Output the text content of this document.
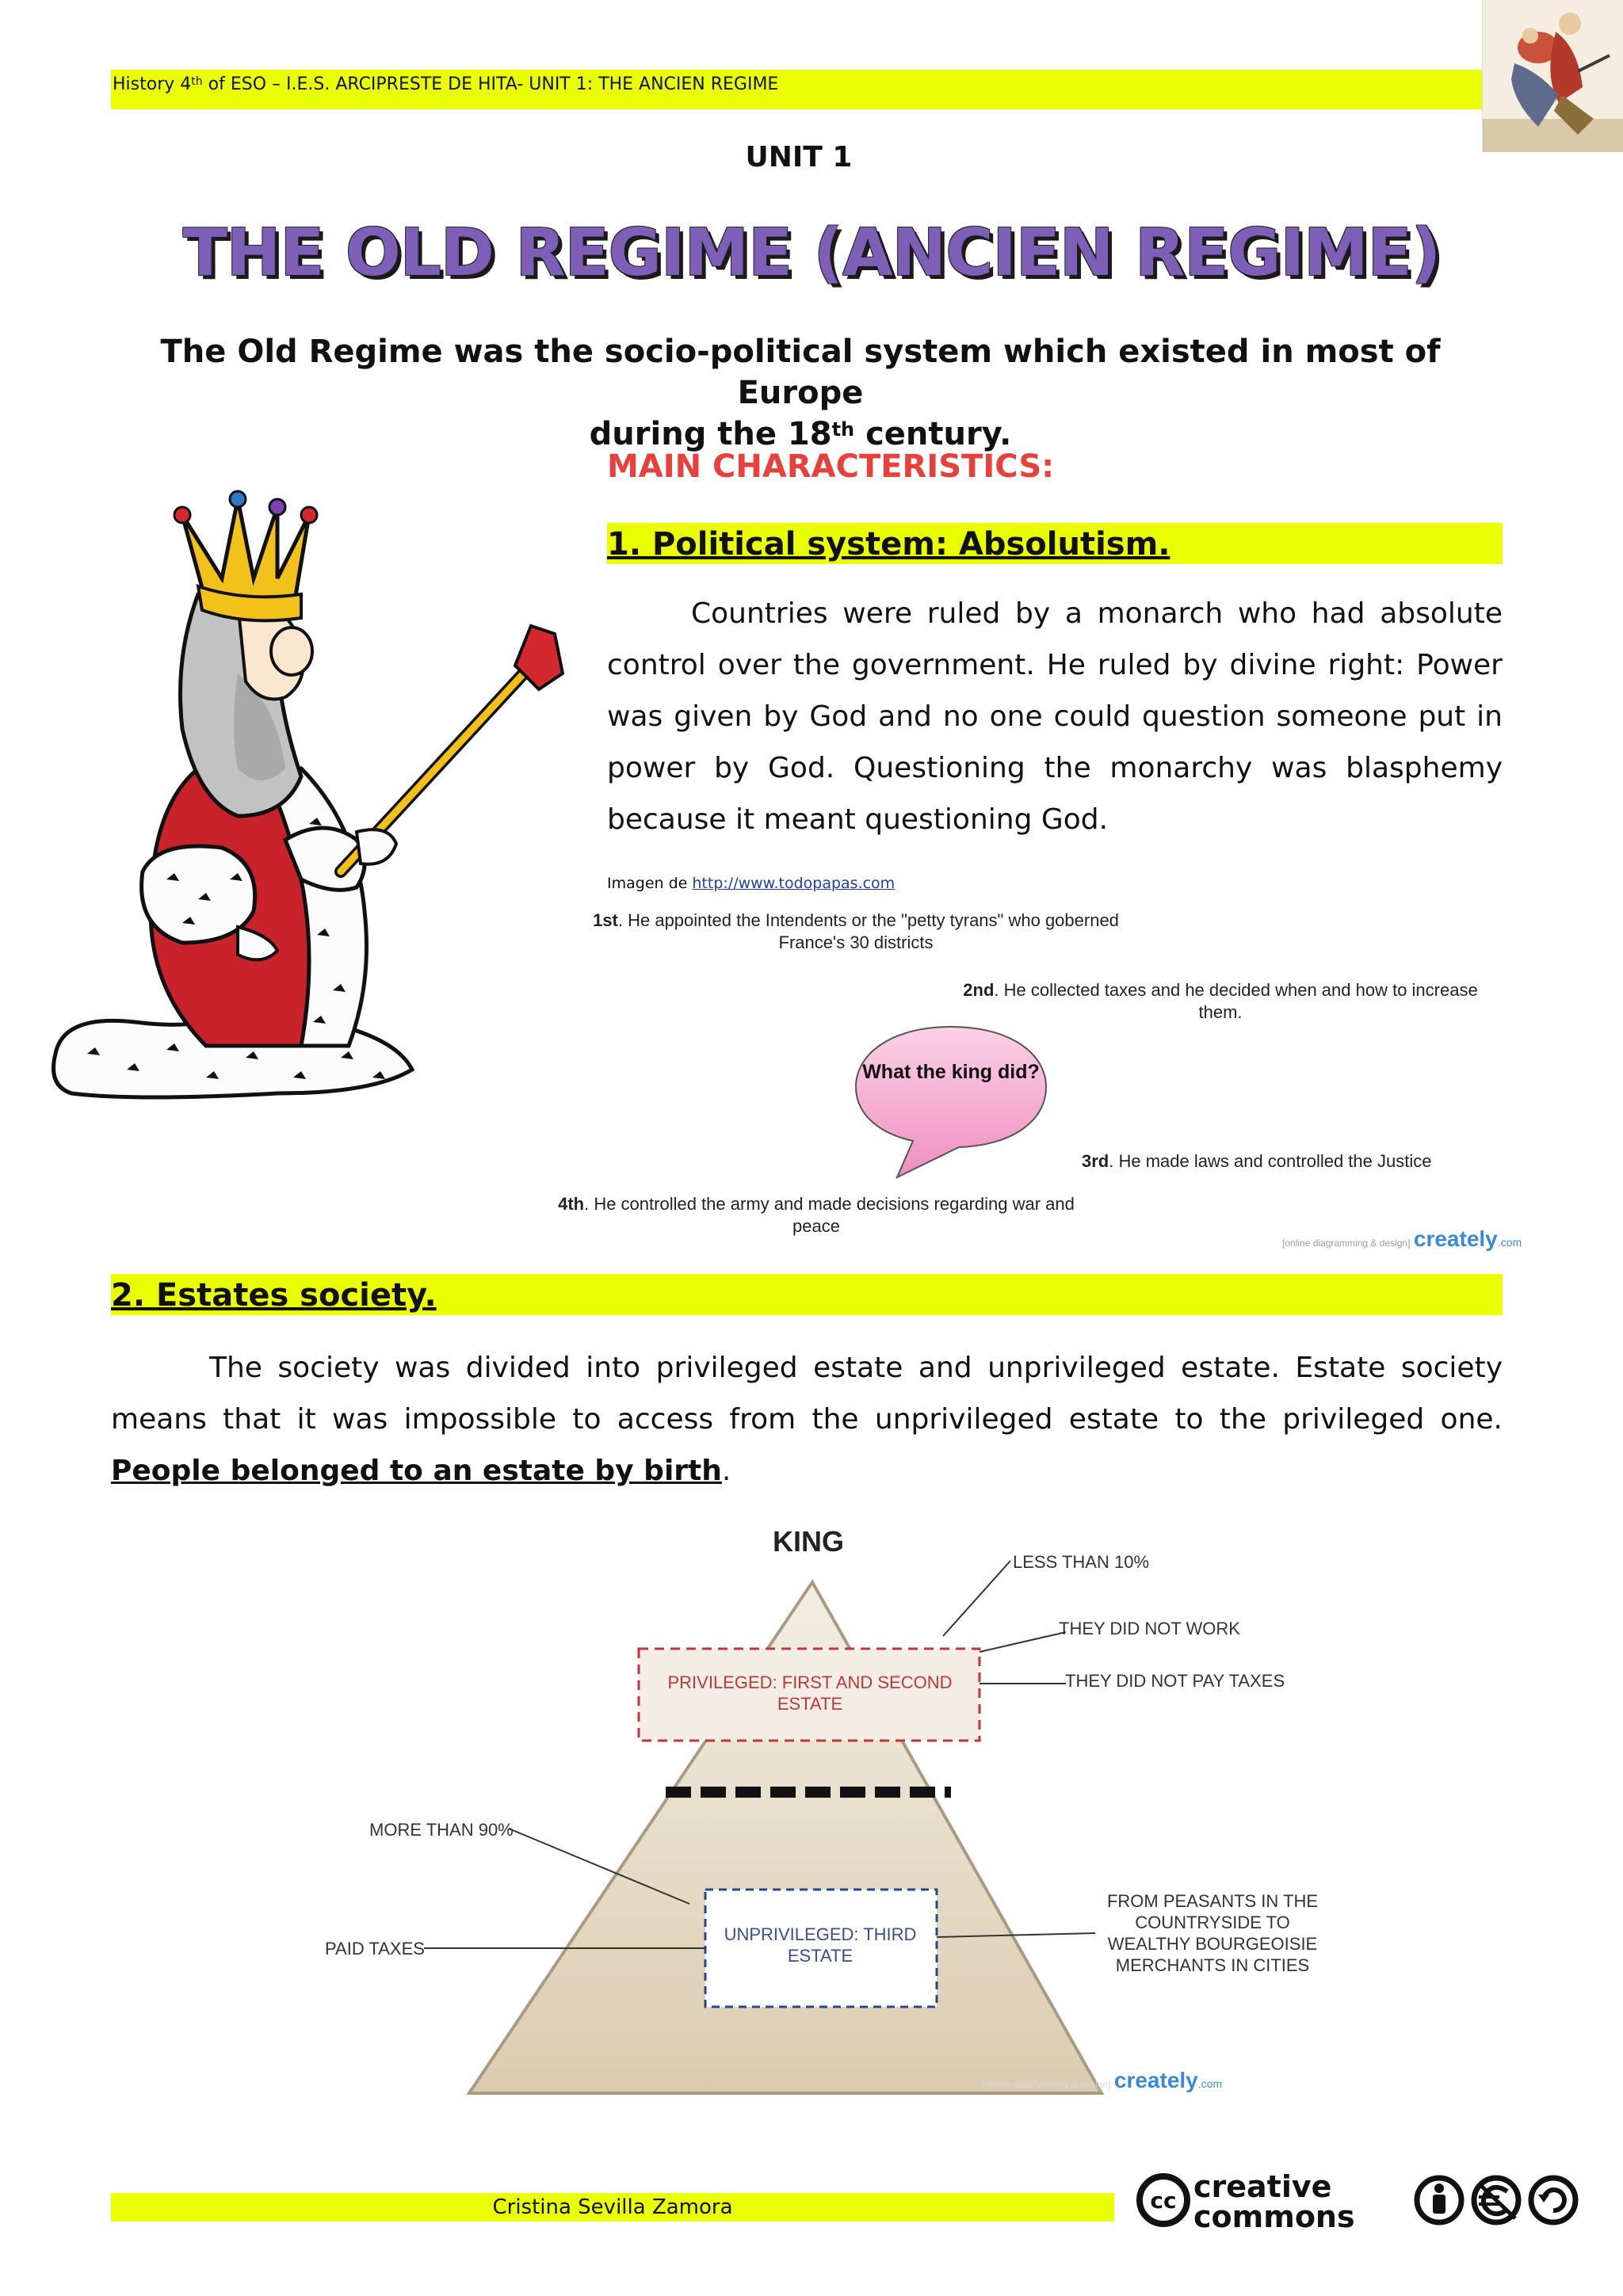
History 4th of ESO – I.E.S. ARCIPRESTE DE HITA- UNIT 1: THE ANCIEN REGIME
UNIT 1
THE OLD REGIME (ANCIEN REGIME)
The Old Regime was the socio-political system which existed in most of Europe
during the 18th century.
MAIN CHARACTERISTICS:
1. Political system: Absolutism.
Countries were ruled by a monarch who had absolute control over the government. He ruled by divine right: Power was given by God and no one could question someone put in power by God. Questioning the monarchy was blasphemy because it meant questioning God.
Imagen de http://www.todopapas.com
1st. He appointed the Intendents or the "petty tyrans" who goberned France's 30 districts
2nd. He collected taxes and he decided when and how to increase them.
3rd. He made laws and controlled the Justice
4th. He controlled the army and made decisions regarding war and peace
What the king did?
[online diagramming & design] creately.com
2. Estates society.
The society was divided into privileged estate and unprivileged estate. Estate society means that it was impossible to access from the unprivileged estate to the privileged one. People belonged to an estate by birth.
KING
LESS THAN 10%
THEY DID NOT WORK
THEY DID NOT PAY TAXES
PRIVILEGED: FIRST AND SECOND ESTATE
MORE THAN 90%
PAID TAXES
UNPRIVILEGED: THIRD ESTATE
FROM PEASANTS IN THE COUNTRYSIDE TO WEALTHY BOURGEOISIE MERCHANTS IN CITIES
[online diagramming & design] creately.com
Cristina Sevilla Zamora	cc creative
commons
